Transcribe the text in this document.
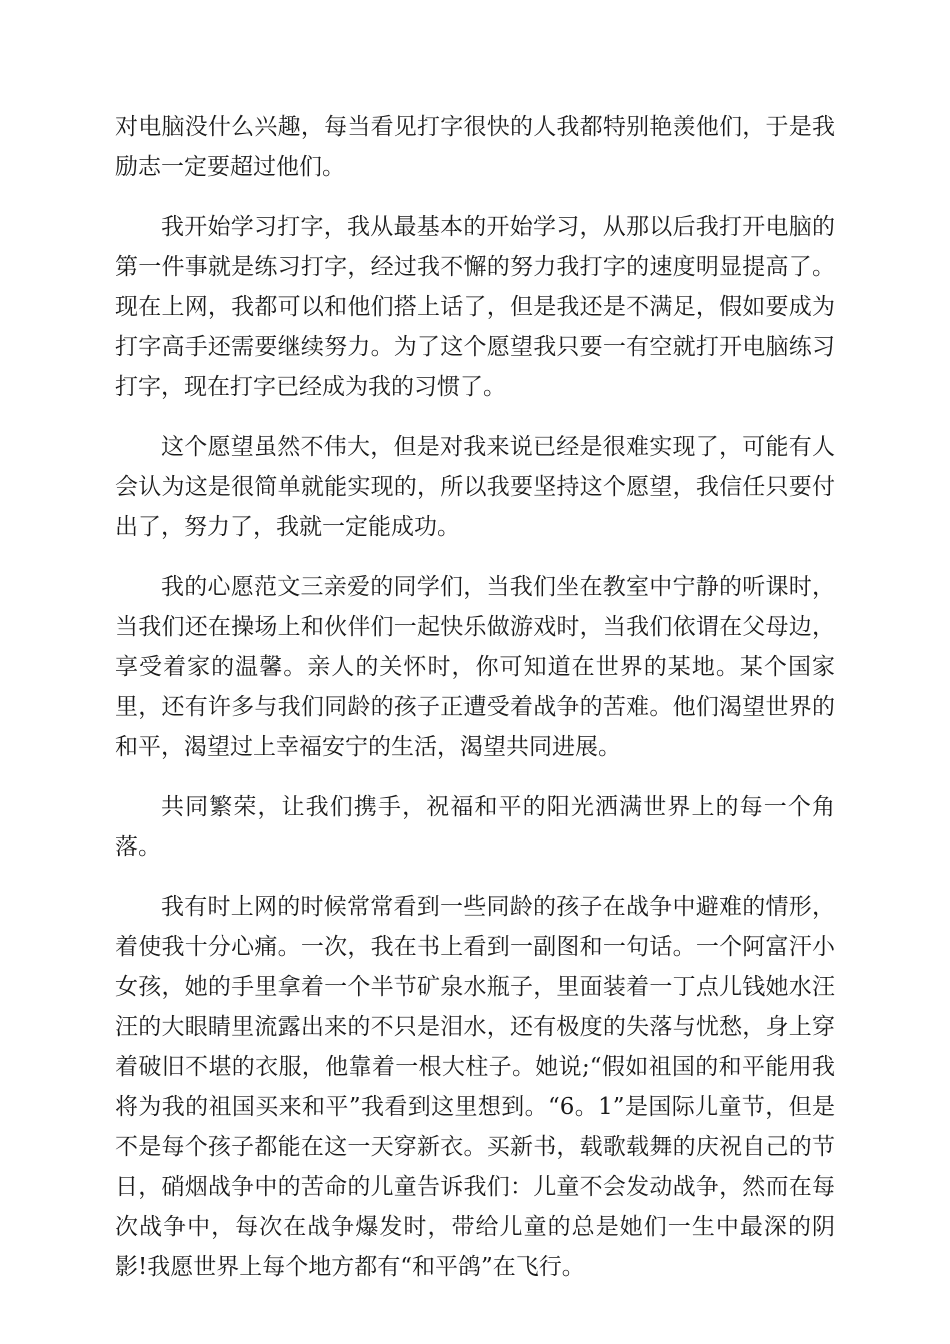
对电脑没什么兴趣，每当看见打字很快的人我都特别艳羡他们，于是我励志一定要超过他们。

我开始学习打字，我从最基本的开始学习，从那以后我打开电脑的第一件事就是练习打字，经过我不懈的努力我打字的速度明显提高了。现在上网，我都可以和他们搭上话了，但是我还是不满足，假如要成为打字高手还需要继续努力。为了这个愿望我只要一有空就打开电脑练习打字，现在打字已经成为我的习惯了。

这个愿望虽然不伟大，但是对我来说已经是很难实现了，可能有人会认为这是很简单就能实现的，所以我要坚持这个愿望，我信任只要付出了，努力了，我就一定能成功。

我的心愿范文三亲爱的同学们，当我们坐在教室中宁静的听课时，当我们还在操场上和伙伴们一起快乐做游戏时，当我们依谓在父母边，享受着家的温馨。亲人的关怀时，你可知道在世界的某地。某个国家里，还有许多与我们同龄的孩子正遭受着战争的苦难。他们渴望世界的和平，渴望过上幸福安宁的生活，渴望共同进展。

共同繁荣，让我们携手，祝福和平的阳光洒满世界上的每一个角落。

我有时上网的时候常常看到一些同龄的孩子在战争中避难的情形，着使我十分心痛。一次，我在书上看到一副图和一句话。一个阿富汗小女孩，她的手里拿着一个半节矿泉水瓶子，里面装着一丁点儿钱她水汪汪的大眼睛里流露出来的不只是泪水，还有极度的失落与忧愁，身上穿着破旧不堪的衣服，他靠着一根大柱子。她说;“假如祖国的和平能用我将为我的祖国买来和平”我看到这里想到。“6。1”是国际儿童节，但是不是每个孩子都能在这一天穿新衣。买新书，载歌载舞的庆祝自己的节日，硝烟战争中的苦命的儿童告诉我们：儿童不会发动战争，然而在每次战争中，每次在战争爆发时，带给儿童的总是她们一生中最深的阴影!我愿世界上每个地方都有“和平鸽”在飞行。
